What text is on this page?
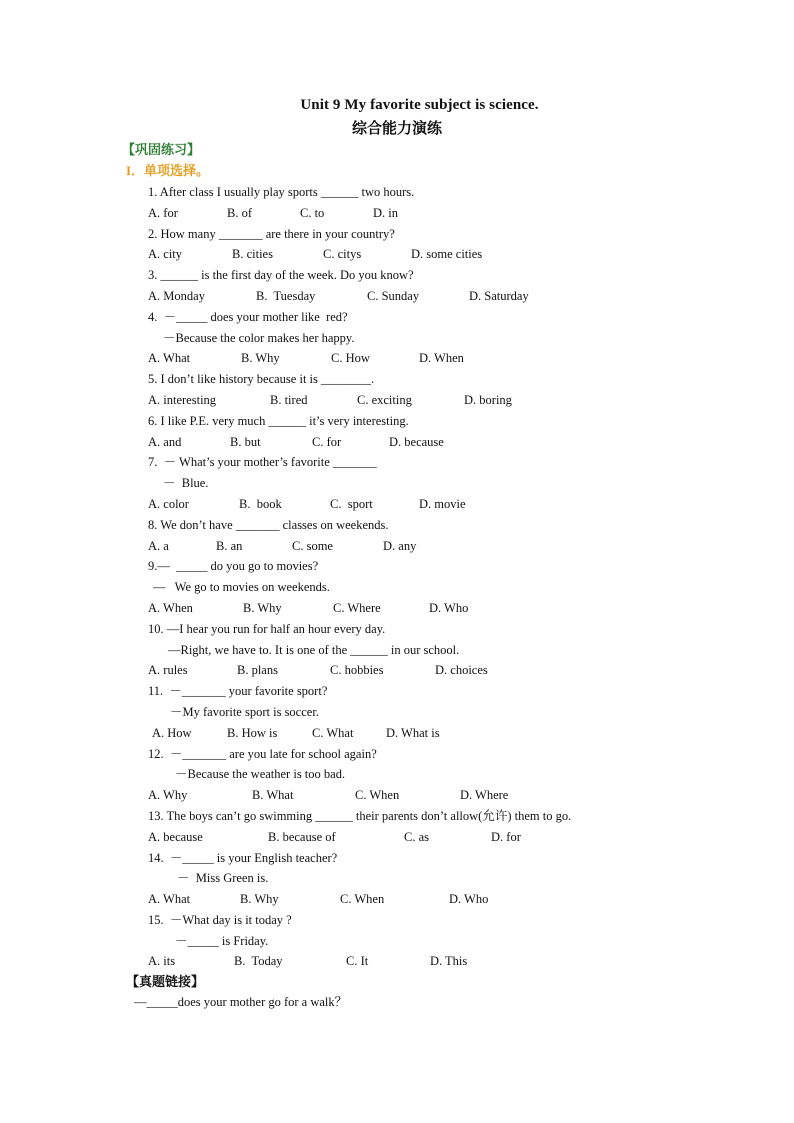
Unit 9 My favorite subject is science.
综合能力演练
【巩固练习】
I．单项选择。
1. After class I usually play sports ______ two hours.
A. for	B. of	C. to	D. in
2. How many _______ are there in your country?
A. city	B. cities	C. citys	D. some cities
3. ______ is the first day of the week. Do you know?
A. Monday	B.  Tuesday	C. Sunday	D. Saturday
4.  －_____ does your mother like  red?
－Because the color makes her happy.
A. What	B. Why	C. How	D. When
5. I don’t like history because it is ________.
A. interesting	B. tired	C. exciting	D. boring
6. I like P.E. very much ______ it’s very interesting.
A. and	B. but	C. for	D. because
7.  － What’s your mother’s favorite _______
－  Blue.
A. color	B.  book	C.  sport	D. movie
8. We don’t have _______ classes on weekends.
A. a	B. an	C. some	D. any
9.—  _____ do you go to movies?
—   We go to movies on weekends.
A. When	B. Why	C. Where	D. Who
10. —I hear you run for half an hour every day.
—Right, we have to. It is one of the ______ in our school.
A. rules	B. plans	C. hobbies	D. choices
11.  －_______ your favorite sport?
－My favorite sport is soccer.
A. How	B. How is	C. What	D. What is
12.  －_______ are you late for school again?
－Because the weather is too bad.
A. Why	B. What	C. When	D. Where
13. The boys can’t go swimming ______ their parents don’t allow(允许) them to go.
A. because	B. because of	C. as	D. for
14.  －_____ is your English teacher?
－  Miss Green is.
A. What	B. Why	C. When	D. Who
15.  －What day is it today ?
－_____ is Friday.
A. its	B.  Today	C. It	D. This
【真题链接】
—_____does your mother go for a walk？
